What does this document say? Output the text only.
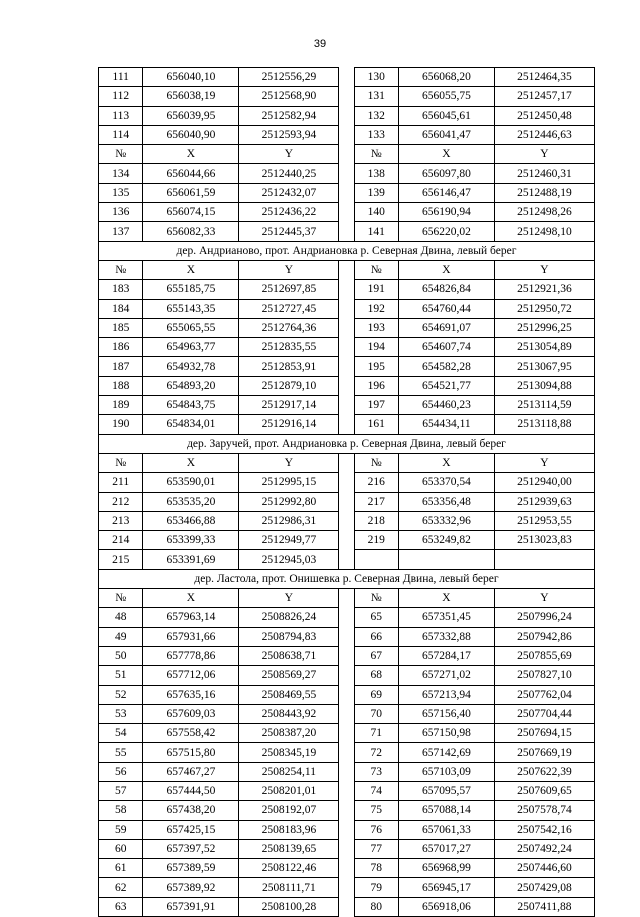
39
111	656040,10	2512556,29		130	656068,20	2512464,35
112	656038,19	2512568,90		131	656055,75	2512457,17
113	656039,95	2512582,94		132	656045,61	2512450,48
114	656040,90	2512593,94		133	656041,47	2512446,63
№	X	Y		№	X	Y
134	656044,66	2512440,25		138	656097,80	2512460,31
135	656061,59	2512432,07		139	656146,47	2512488,19
136	656074,15	2512436,22		140	656190,94	2512498,26
137	656082,33	2512445,37		141	656220,02	2512498,10
дер. Андрианово, прот. Андриановка р. Северная Двина, левый берег						
№	X	Y		№	X	Y
183	655185,75	2512697,85		191	654826,84	2512921,36
184	655143,35	2512727,45		192	654760,44	2512950,72
185	655065,55	2512764,36		193	654691,07	2512996,25
186	654963,77	2512835,55		194	654607,74	2513054,89
187	654932,78	2512853,91		195	654582,28	2513067,95
188	654893,20	2512879,10		196	654521,77	2513094,88
189	654843,75	2512917,14		197	654460,23	2513114,59
190	654834,01	2512916,14		161	654434,11	2513118,88
дер. Заручей, прот. Андриановка р. Северная Двина, левый берег						
№	X	Y		№	X	Y
211	653590,01	2512995,15		216	653370,54	2512940,00
212	653535,20	2512992,80		217	653356,48	2512939,63
213	653466,88	2512986,31		218	653332,96	2512953,55
214	653399,33	2512949,77		219	653249,82	2513023,83
215	653391,69	2512945,03				
дер. Ластола, прот. Онишевка р. Северная Двина, левый берег						
№	X	Y		№	X	Y
48	657963,14	2508826,24		65	657351,45	2507996,24
49	657931,66	2508794,83		66	657332,88	2507942,86
50	657778,86	2508638,71		67	657284,17	2507855,69
51	657712,06	2508569,27		68	657271,02	2507827,10
52	657635,16	2508469,55		69	657213,94	2507762,04
53	657609,03	2508443,92		70	657156,40	2507704,44
54	657558,42	2508387,20		71	657150,98	2507694,15
55	657515,80	2508345,19		72	657142,69	2507669,19
56	657467,27	2508254,11		73	657103,09	2507622,39
57	657444,50	2508201,01		74	657095,57	2507609,65
58	657438,20	2508192,07		75	657088,14	2507578,74
59	657425,15	2508183,96		76	657061,33	2507542,16
60	657397,52	2508139,65		77	657017,27	2507492,24
61	657389,59	2508122,46		78	656968,99	2507446,60
62	657389,92	2508111,71		79	656945,17	2507429,08
63	657391,91	2508100,28		80	656918,06	2507411,88
